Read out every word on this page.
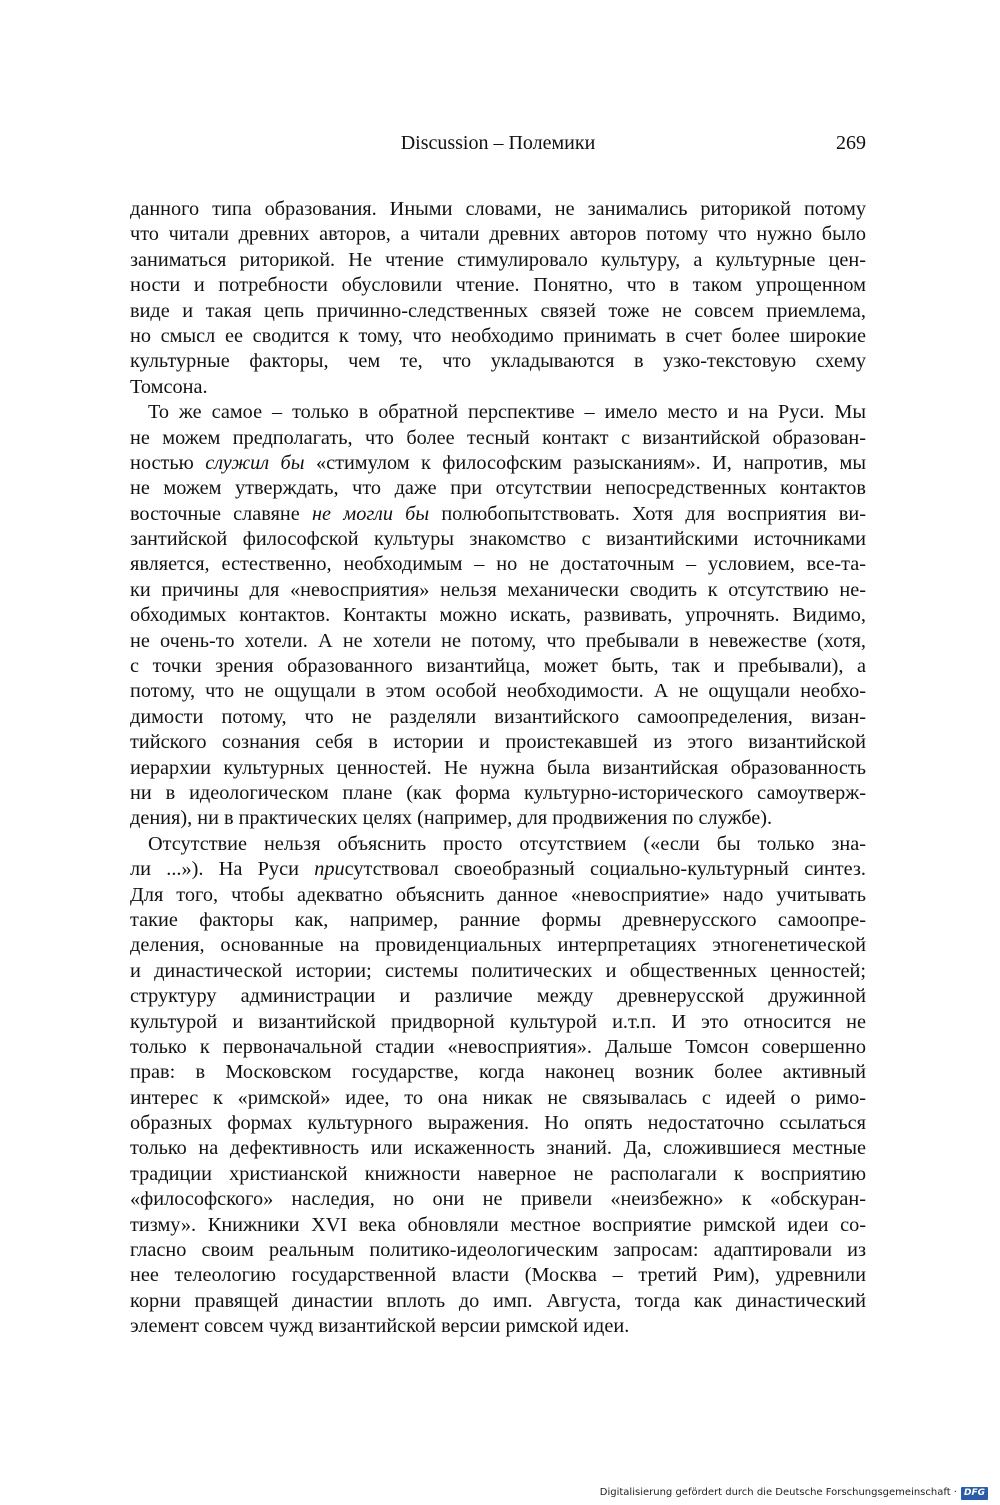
Discussion – Полемики	269
данного типа образования. Иными словами, не занимались риторикой потому
что читали древних авторов, а читали древних авторов потому что нужно было
заниматься риторикой. Не чтение стимулировало культуру, а культурные цен-
ности и потребности обусловили чтение. Понятно, что в таком упрощенном
виде и такая цепь причинно-следственных связей тоже не совсем приемлема,
но смысл ее сводится к тому, что необходимо принимать в счет более широкие
культурные факторы, чем те, что укладываются в узко-текстовую схему
Томсона.
То же самое – только в обратной перспективе – имело место и на Руси. Мы
не можем предполагать, что более тесный контакт с византийской образован-
ностью служил бы «стимулом к философским разысканиям». И, напротив, мы
не можем утверждать, что даже при отсутствии непосредственных контактов
восточные славяне не могли бы полюбопытствовать. Хотя для восприятия ви-
зантийской философской культуры знакомство с византийскими источниками
является, естественно, необходимым – но не достаточным – условием, все-та-
ки причины для «невосприятия» нельзя механически сводить к отсутствию не-
обходимых контактов. Контакты можно искать, развивать, упрочнять. Видимо,
не очень-то хотели. А не хотели не потому, что пребывали в невежестве (хотя,
с точки зрения образованного византийца, может быть, так и пребывали), а
потому, что не ощущали в этом особой необходимости. А не ощущали необхо-
димости потому, что не разделяли византийского самоопределения, визан-
тийского сознания себя в истории и проистекавшей из этого византийской
иерархии культурных ценностей. Не нужна была византийская образованность
ни в идеологическом плане (как форма культурно-исторического самоутверж-
дения), ни в практических целях (например, для продвижения по службе).
Отсутствие нельзя объяснить просто отсутствием («если бы только зна-
ли ...»). На Руси присутствовал своеобразный социально-культурный синтез.
Для того, чтобы адекватно объяснить данное «невосприятие» надо учитывать
такие факторы как, например, ранние формы древнерусского самоопре-
деления, основанные на провиденциальных интерпретациях этногенетической
и династической истории; системы политических и общественных ценностей;
структуру администрации и различие между древнерусской дружинной
культурой и византийской придворной культурой и.т.п. И это относится не
только к первоначальной стадии «невосприятия». Дальше Томсон совершенно
прав: в Московском государстве, когда наконец возник более активный
интерес к «римской» идее, то она никак не связывалась с идеей о римо-
образных формах культурного выражения. Но опять недостаточно ссылаться
только на дефективность или искаженность знаний. Да, сложившиеся местные
традиции христианской книжности наверное не располагали к восприятию
«философского» наследия, но они не привели «неизбежно» к «обскуран-
тизму». Книжники XVI века обновляли местное восприятие римской идеи со-
гласно своим реальным политико-идеологическим запросам: адаптировали из
нее телеологию государственной власти (Москва – третий Рим), удревнили
корни правящей династии вплоть до имп. Августа, тогда как династический
элемент совсем чужд византийской версии римской идеи.
Digitalisierung gefördert durch die Deutsche Forschungsgemeinschaft · DFG
